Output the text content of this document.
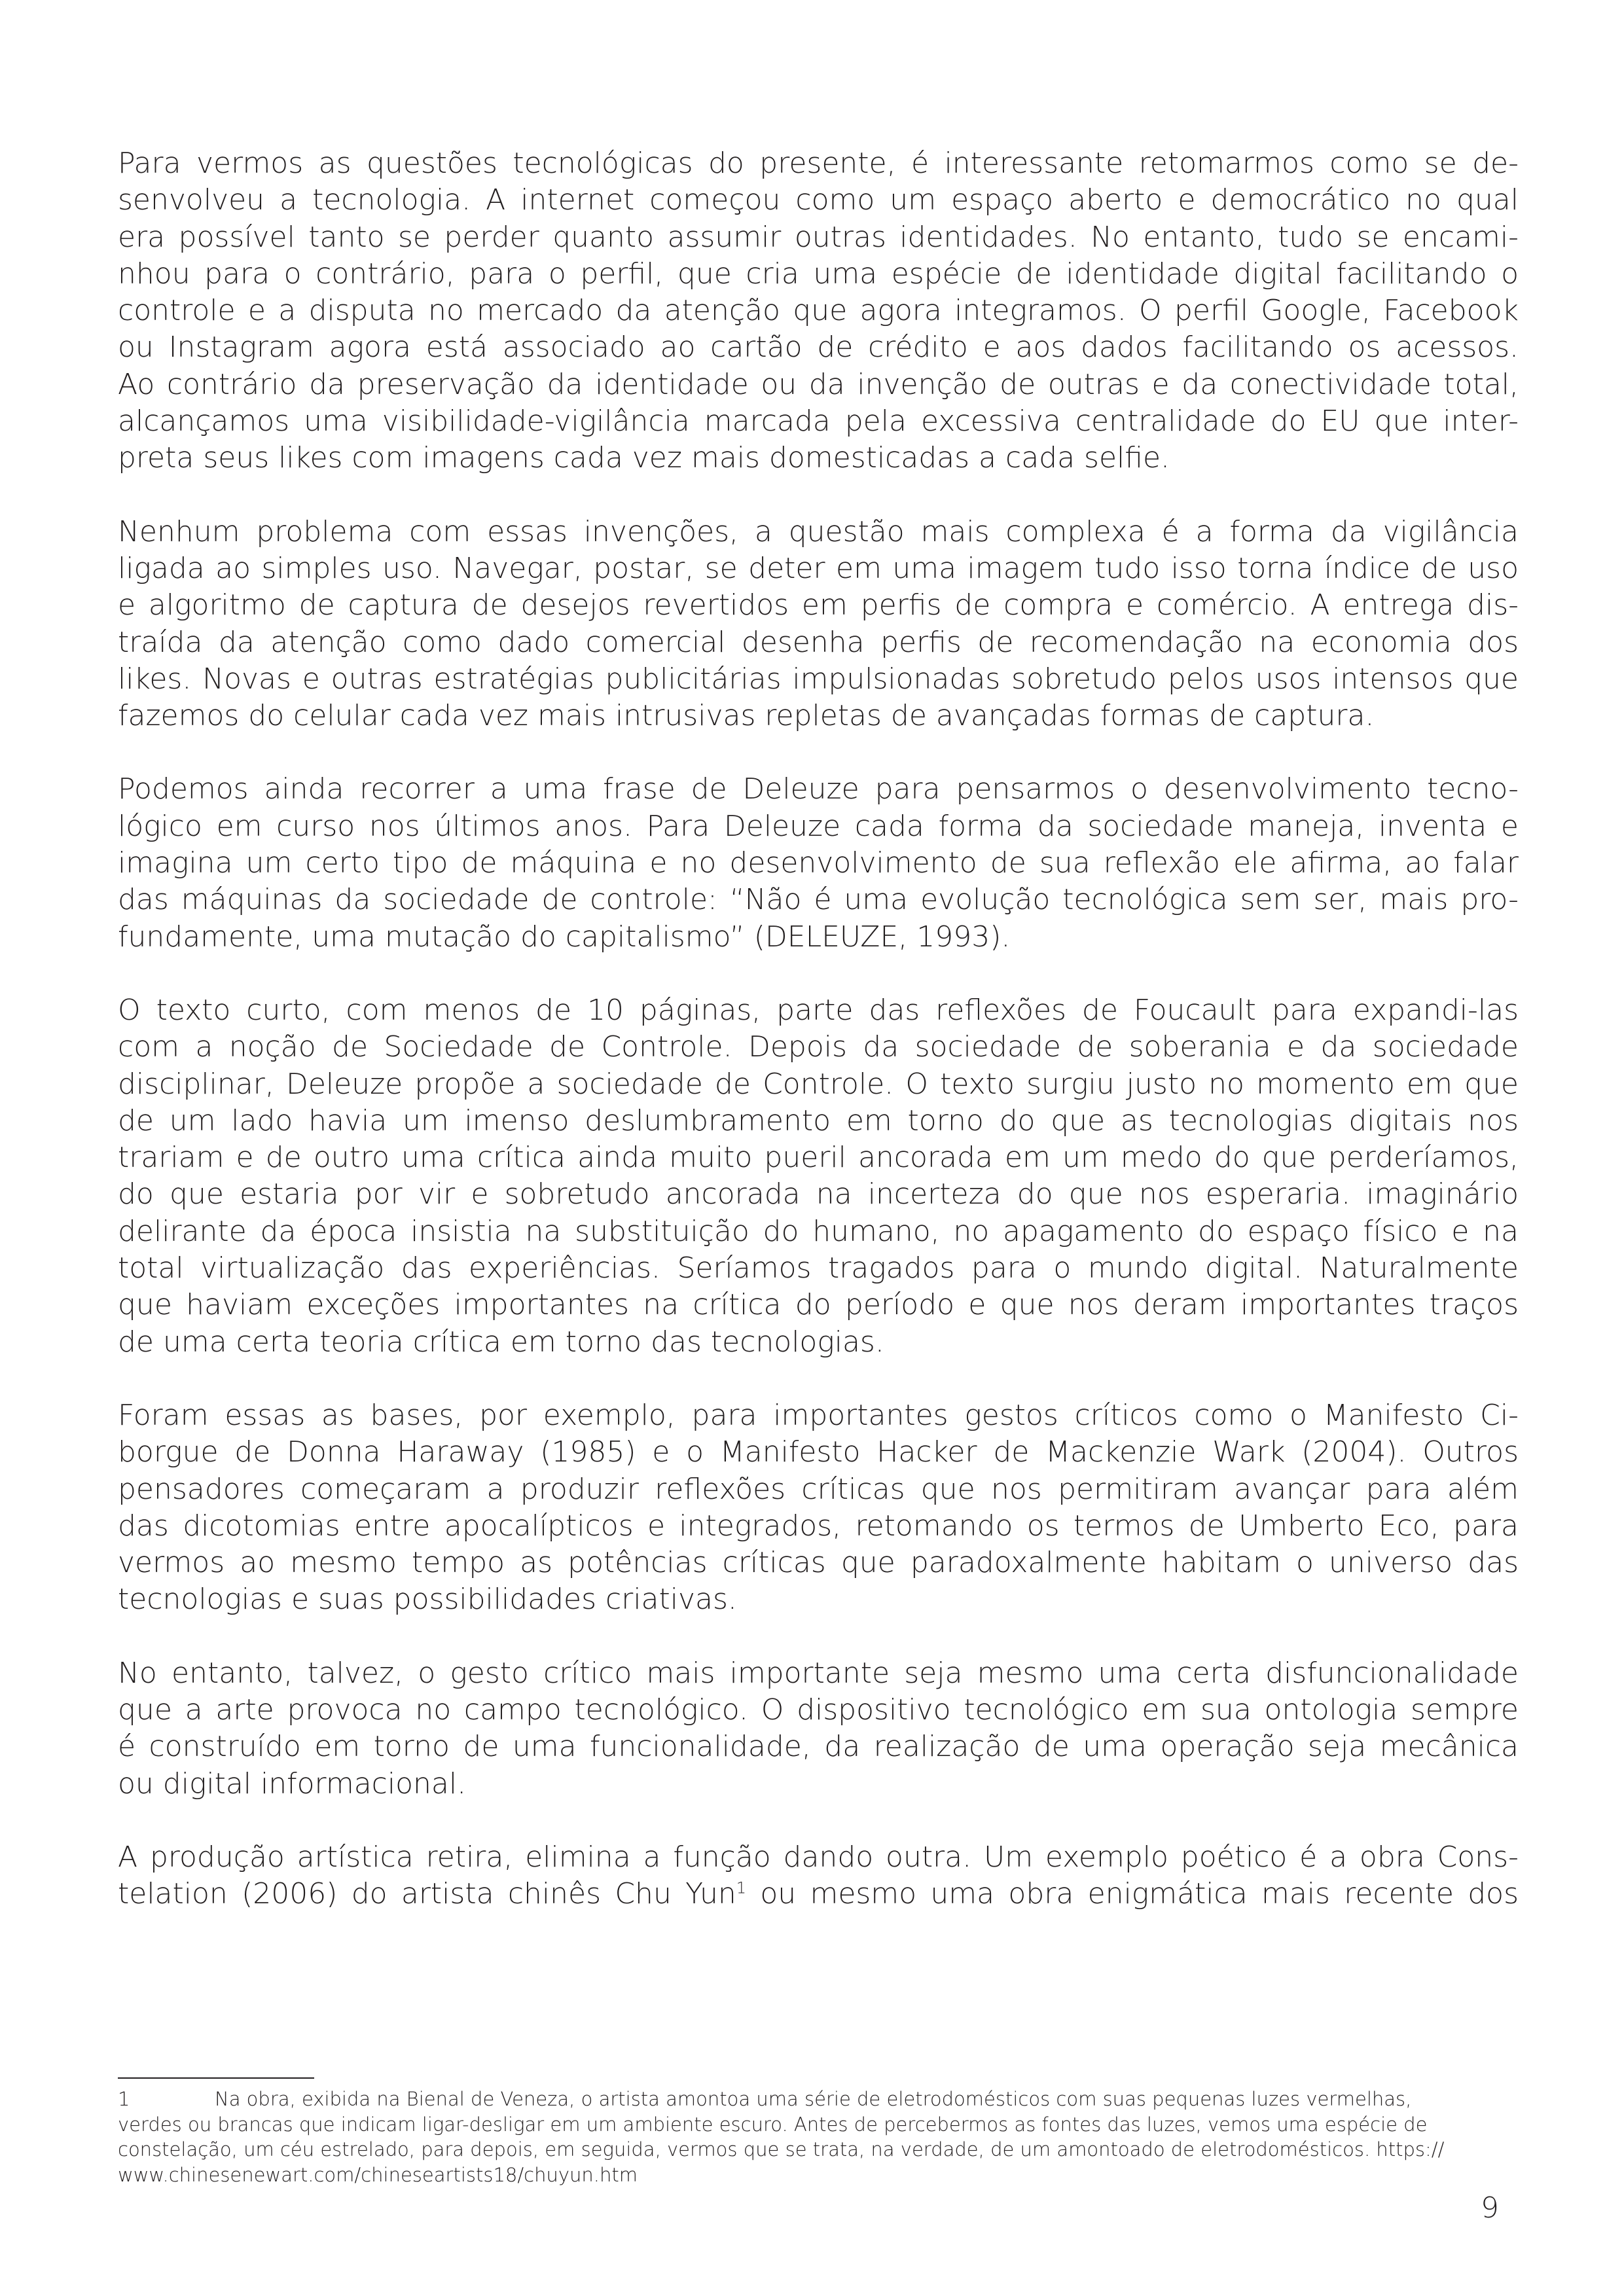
Para vermos as questões tecnológicas do presente, é interessante retomarmos como se de-
senvolveu a tecnologia. A internet começou como um espaço aberto e democrático no qual
era possível tanto se perder quanto assumir outras identidades. No entanto, tudo se encami-
nhou para o contrário, para o perfil, que cria uma espécie de identidade digital facilitando o
controle e a disputa no mercado da atenção que agora integramos. O perfil Google, Facebook
ou Instagram agora está associado ao cartão de crédito e aos dados facilitando os acessos.
Ao contrário da preservação da identidade ou da invenção de outras e da conectividade total,
alcançamos uma visibilidade-vigilância marcada pela excessiva centralidade do EU que inter-
preta seus likes com imagens cada vez mais domesticadas a cada selfie.

Nenhum problema com essas invenções, a questão mais complexa é a forma da vigilância
ligada ao simples uso. Navegar, postar, se deter em uma imagem tudo isso torna índice de uso
e algoritmo de captura de desejos revertidos em perfis de compra e comércio. A entrega dis-
traída da atenção como dado comercial desenha perfis de recomendação na economia dos
likes. Novas e outras estratégias publicitárias impulsionadas sobretudo pelos usos intensos que
fazemos do celular cada vez mais intrusivas repletas de avançadas formas de captura.

Podemos ainda recorrer a uma frase de Deleuze para pensarmos o desenvolvimento tecno-
lógico em curso nos últimos anos. Para Deleuze cada forma da sociedade maneja, inventa e
imagina um certo tipo de máquina e no desenvolvimento de sua reflexão ele afirma, ao falar
das máquinas da sociedade de controle: “Não é uma evolução tecnológica sem ser, mais pro-
fundamente, uma mutação do capitalismo” (DELEUZE, 1993).

O texto curto, com menos de 10 páginas, parte das reflexões de Foucault para expandi-las
com a noção de Sociedade de Controle. Depois da sociedade de soberania e da sociedade
disciplinar, Deleuze propõe a sociedade de Controle. O texto surgiu justo no momento em que
de um lado havia um imenso deslumbramento em torno do que as tecnologias digitais nos
trariam e de outro uma crítica ainda muito pueril ancorada em um medo do que perderíamos,
do que estaria por vir e sobretudo ancorada na incerteza do que nos esperaria. imaginário
delirante da época insistia na substituição do humano, no apagamento do espaço físico e na
total virtualização das experiências. Seríamos tragados para o mundo digital. Naturalmente
que haviam exceções importantes na crítica do período e que nos deram importantes traços
de uma certa teoria crítica em torno das tecnologias.

Foram essas as bases, por exemplo, para importantes gestos críticos como o Manifesto Ci-
borgue de Donna Haraway (1985) e o Manifesto Hacker de Mackenzie Wark (2004). Outros
pensadores começaram a produzir reflexões críticas que nos permitiram avançar para além
das dicotomias entre apocalípticos e integrados, retomando os termos de Umberto Eco, para
vermos ao mesmo tempo as potências críticas que paradoxalmente habitam o universo das
tecnologias e suas possibilidades criativas.

No entanto, talvez, o gesto crítico mais importante seja mesmo uma certa disfuncionalidade
que a arte provoca no campo tecnológico. O dispositivo tecnológico em sua ontologia sempre
é construído em torno de uma funcionalidade, da realização de uma operação seja mecânica
ou digital informacional.

A produção artística retira, elimina a função dando outra. Um exemplo poético é a obra Cons-
telation (2006) do artista chinês Chu Yun$^1$ ou mesmo uma obra enigmática mais recente dos

1	Na obra, exibida na Bienal de Veneza, o artista amontoa uma série de eletrodomésticos com suas pequenas luzes vermelhas,
verdes ou brancas que indicam ligar-desligar em um ambiente escuro. Antes de percebermos as fontes das luzes, vemos uma espécie de
constelação, um céu estrelado, para depois, em seguida, vermos que se trata, na verdade, de um amontoado de eletrodomésticos. https://
www.chinesenewart.com/chineseartists18/chuyun.htm
9
